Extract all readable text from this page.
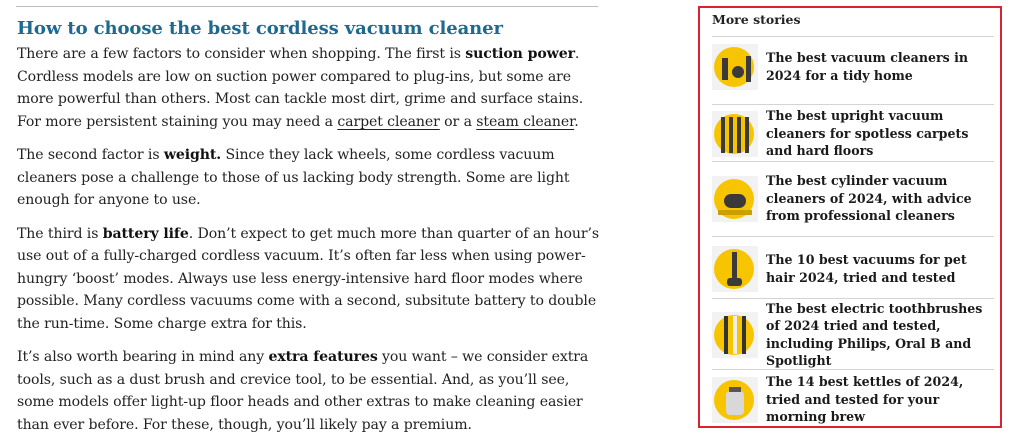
How to choose the best cordless vacuum cleaner

There are a few factors to consider when shopping. The first is suction power. Cordless models are low on suction power compared to plug-ins, but some are more powerful than others. Most can tackle most dirt, grime and surface stains. For more persistent staining you may need a carpet cleaner or a steam cleaner.

The second factor is weight. Since they lack wheels, some cordless vacuum cleaners pose a challenge to those of us lacking body strength. Some are light enough for anyone to use.

The third is battery life. Don’t expect to get much more than quarter of an hour’s use out of a fully-charged cordless vacuum. It’s often far less when using power-hungry ‘boost’ modes. Always use less energy-intensive hard floor modes where possible. Many cordless vacuums come with a second, subsitute battery to double the run-time. Some charge extra for this.

It’s also worth bearing in mind any extra features you want – we consider extra tools, such as a dust brush and crevice tool, to be essential. And, as you’ll see, some models offer light-up floor heads and other extras to make cleaning easier than ever before. For these, though, you’ll likely pay a premium.

More stories
The best vacuum cleaners in 2024 for a tidy home
The best upright vacuum cleaners for spotless carpets and hard floors
The best cylinder vacuum cleaners of 2024, with advice from professional cleaners
The 10 best vacuums for pet hair 2024, tried and tested
The best electric toothbrushes of 2024 tried and tested, including Philips, Oral B and Spotlight
The 14 best kettles of 2024, tried and tested for your morning brew
